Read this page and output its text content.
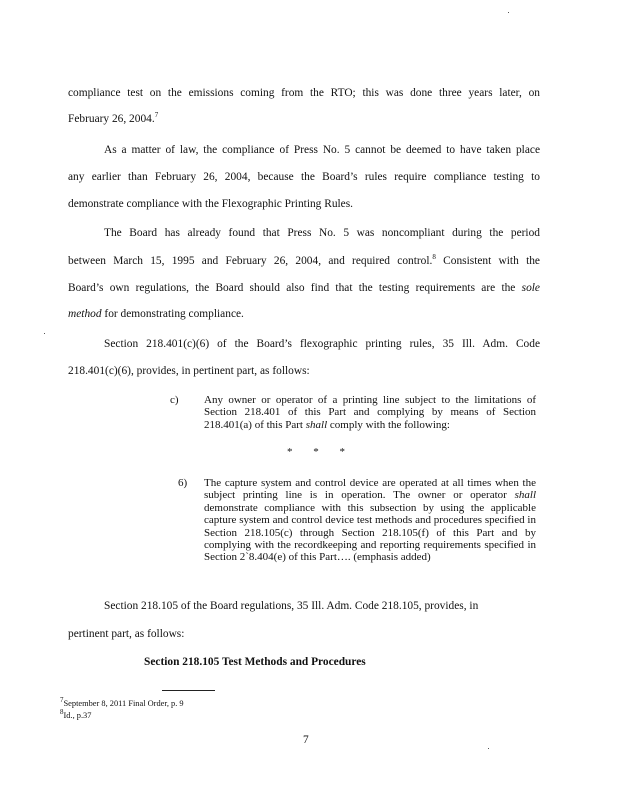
compliance test on the emissions coming from the RTO; this was done three years later, on
February 26, 2004.$^7$
As a matter of law, the compliance of Press No. 5 cannot be deemed to have taken place
any earlier than February 26, 2004, because the Board’s rules require compliance testing to
demonstrate compliance with the Flexographic Printing Rules.
The Board has already found that Press No. 5 was noncompliant during the period
between March 15, 1995 and February 26, 2004, and required control.$^8$ Consistent with the
Board’s own regulations, the Board should also find that the testing requirements are the sole
method for demonstrating compliance.
Section 218.401(c)(6) of the Board’s flexographic printing rules, 35 Ill. Adm. Code
218.401(c)(6), provides, in pertinent part, as follows:
c) Any owner or operator of a printing line subject to the limitations of Section 218.401 of this Part and complying by means of Section 218.401(a) of this Part shall comply with the following:
* * *
6) The capture system and control device are operated at all times when the subject printing line is in operation. The owner or operator shall demonstrate compliance with this subsection by using the applicable capture system and control device test methods and procedures specified in Section 218.105(c) through Section 218.105(f) of this Part and by complying with the recordkeeping and reporting requirements specified in Section 2`8.404(e) of this Part…. (emphasis added)
Section 218.105 of the Board regulations, 35 Ill. Adm. Code 218.105, provides, in
pertinent part, as follows:
Section 218.105 Test Methods and Procedures
$^7$September 8, 2011 Final Order, p. 9
$^8$Id., p.37
7
